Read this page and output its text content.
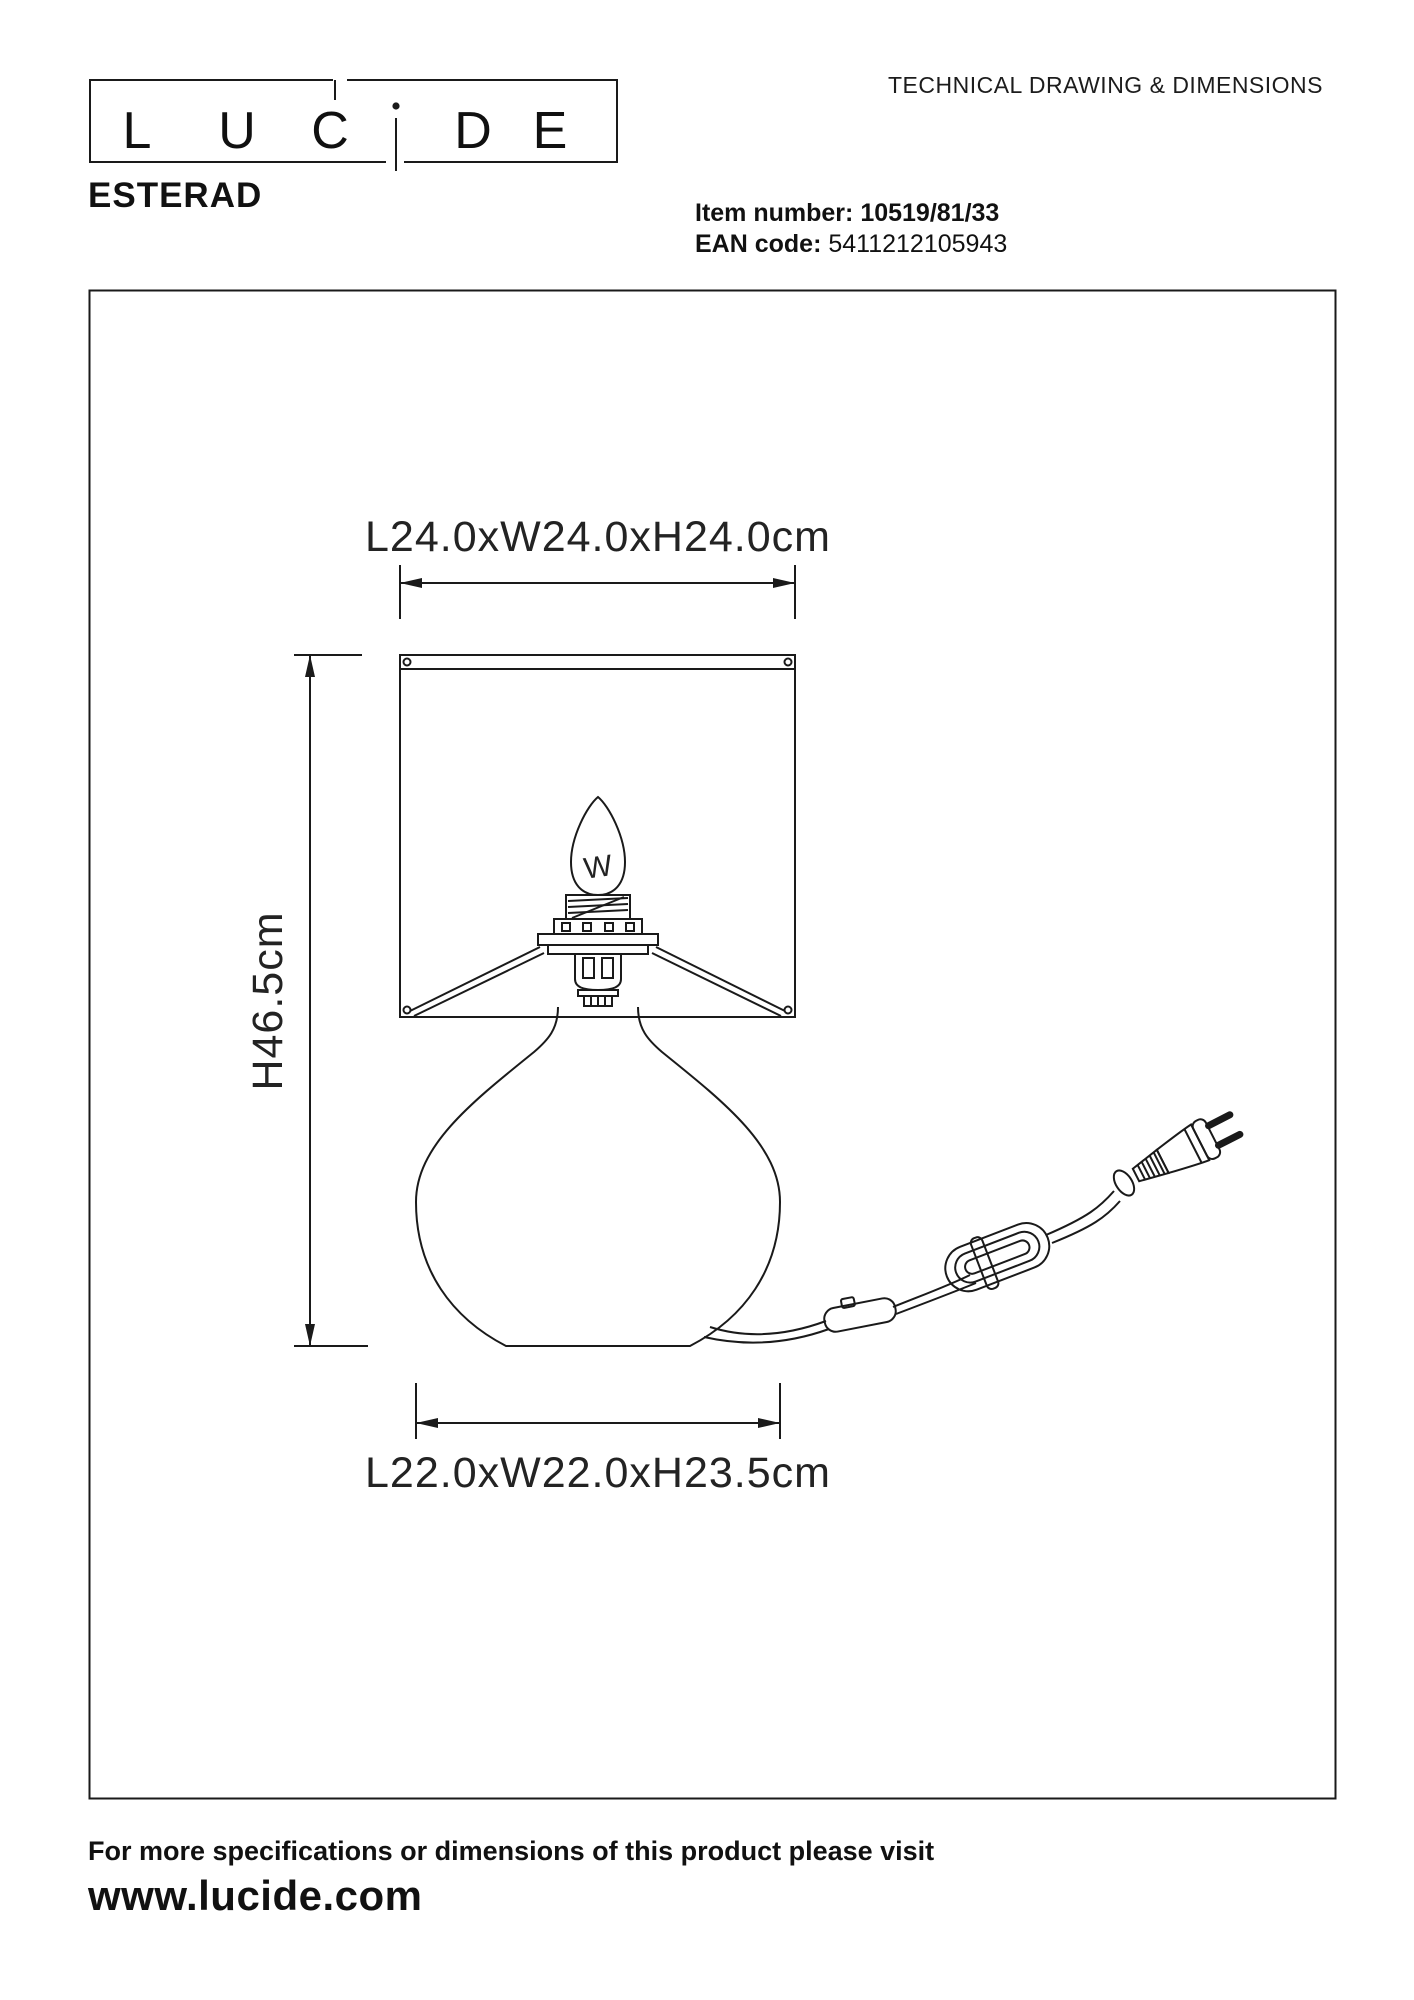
L U C D E
TECHNICAL DRAWING & DIMENSIONS
ESTERAD	Item number: 10519/81/33
EAN code: 5411212105943
L24.0xW24.0xH24.0cm
H46.5cm
L22.0xW22.0xH23.5cm
W
For more specifications or dimensions of this product please visit
www.lucide.com
